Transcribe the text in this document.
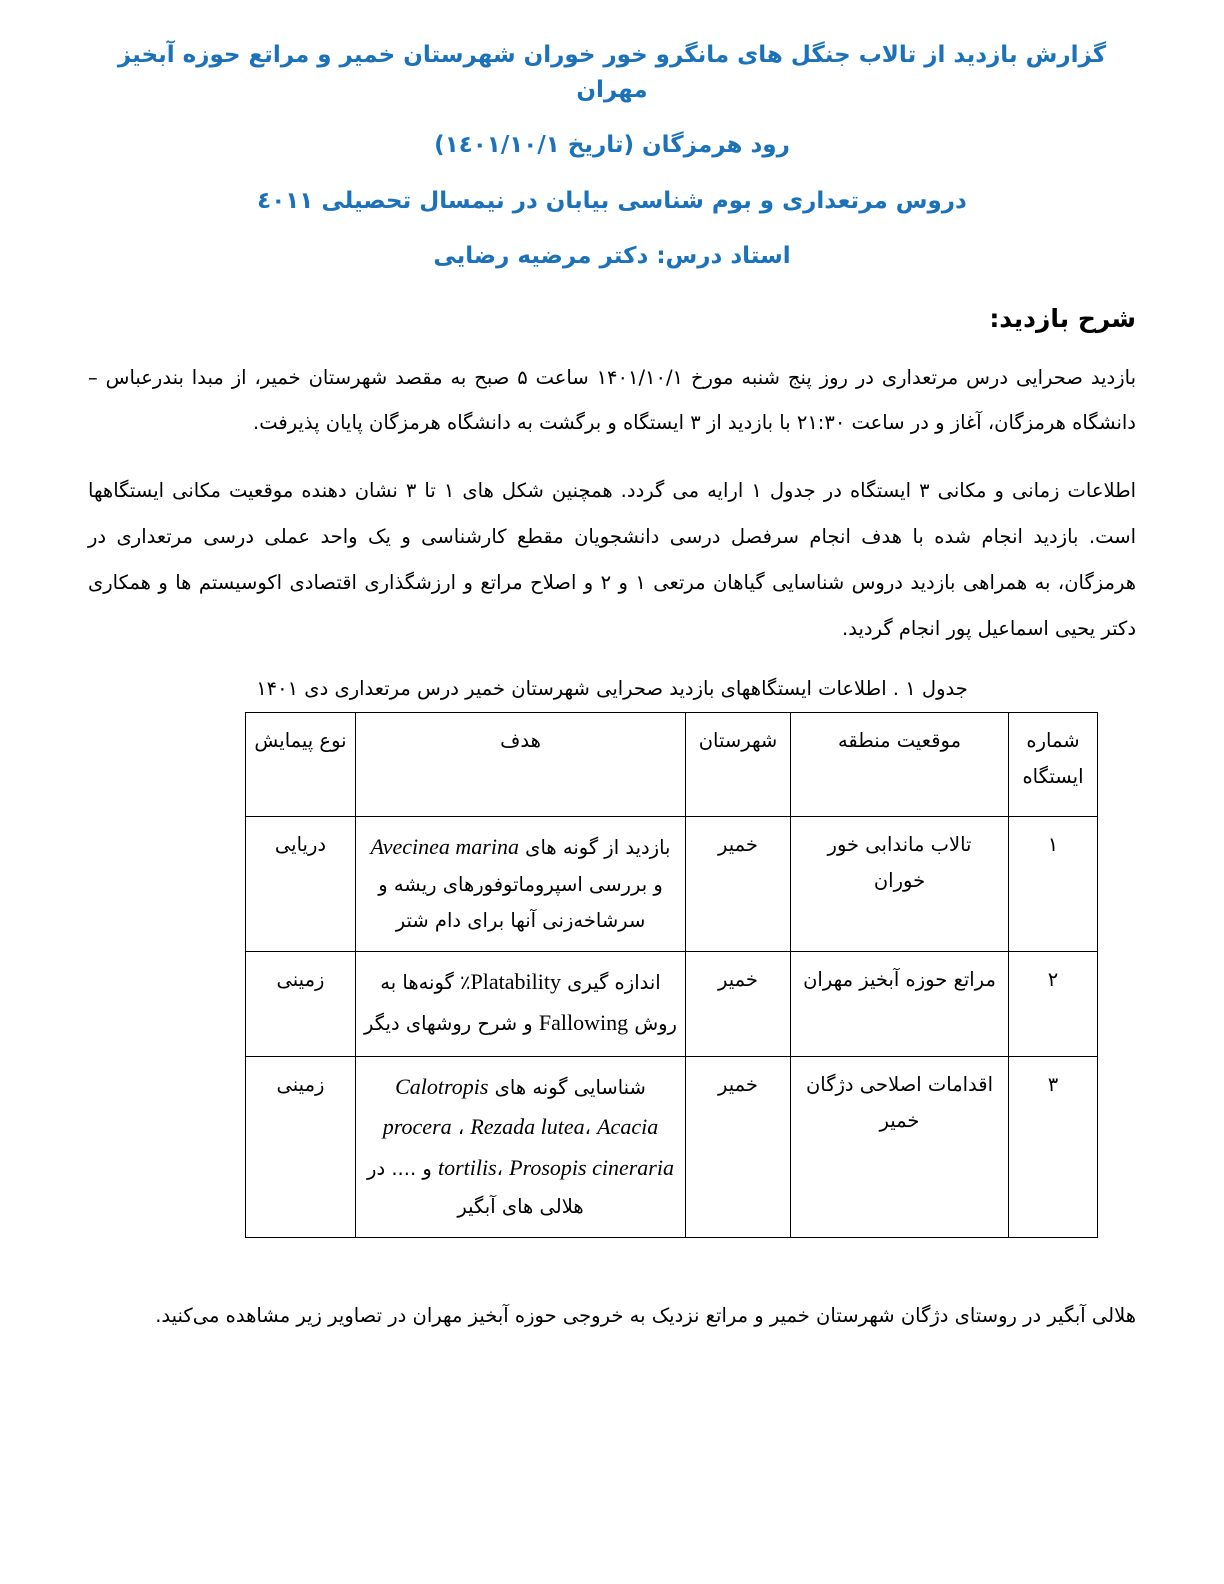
گزارش بازدید از تالاب جنگل های مانگرو خور خوران شهرستان خمیر و مراتع حوزه آبخیز مهران
رود هرمزگان (تاریخ ١٤٠١/١٠/١)
دروس مرتعداری و بوم شناسی بیابان در نیمسال تحصیلی ٤٠١١
استاد درس: دکتر مرضیه رضایی
شرح بازدید:

بازدید صحرایی درس مرتعداری در روز پنج شنبه مورخ ۱۴۰۱/۱۰/۱ ساعت ۵ صبح به مقصد شهرستان خمیر، از مبدا بندرعباس – دانشگاه هرمزگان، آغاز و در ساعت ۲۱:۳۰ با بازدید از ۳ ایستگاه و برگشت به دانشگاه هرمزگان پایان پذیرفت.

اطلاعات زمانی و مکانی ۳ ایستگاه در جدول ۱ ارایه می گردد. همچنین شکل های ۱ تا ۳ نشان دهنده موقعیت مکانی ایستگاهها است. بازدید انجام شده با هدف انجام سرفصل درسی دانشجویان مقطع کارشناسی و یک واحد عملی درسی مرتعداری در هرمزگان، به همراهی بازدید دروس شناسایی گیاهان مرتعی ۱ و ۲ و اصلاح مراتع و ارزشگذاری اقتصادی اکوسیستم ها و همکاری دکتر یحیی اسماعیل پور انجام گردید.

جدول ۱ . اطلاعات ایستگاههای بازدید صحرایی شهرستان خمیر درس مرتعداری دی ۱۴۰۱
شماره ایستگاه	موقعیت منطقه	شهرستان	هدف	نوع پیمایش
۱	تالاب ماندابی خور خوران	خمیر	بازدید از گونه های Avecinea marina و بررسی اسپروماتوفورهای ریشه و سرشاخه‌زنی آنها برای دام شتر	دریایی
۲	مراتع حوزه آبخیز مهران	خمیر	اندازه گیری Platability٪ گونه‌ها به روش Fallowing و شرح روشهای دیگر	زمینی
۳	اقدامات اصلاحی دژگان خمیر	خمیر	شناسایی گونه های Calotropis procera ، Rezada lutea، Acacia tortilis، Prosopis cineraria و .... در هلالی های آبگیر	زمینی

هلالی آبگیر در روستای دژگان شهرستان خمیر و مراتع نزدیک به خروجی حوزه آبخیز مهران در تصاویر زیر مشاهده می‌کنید.
